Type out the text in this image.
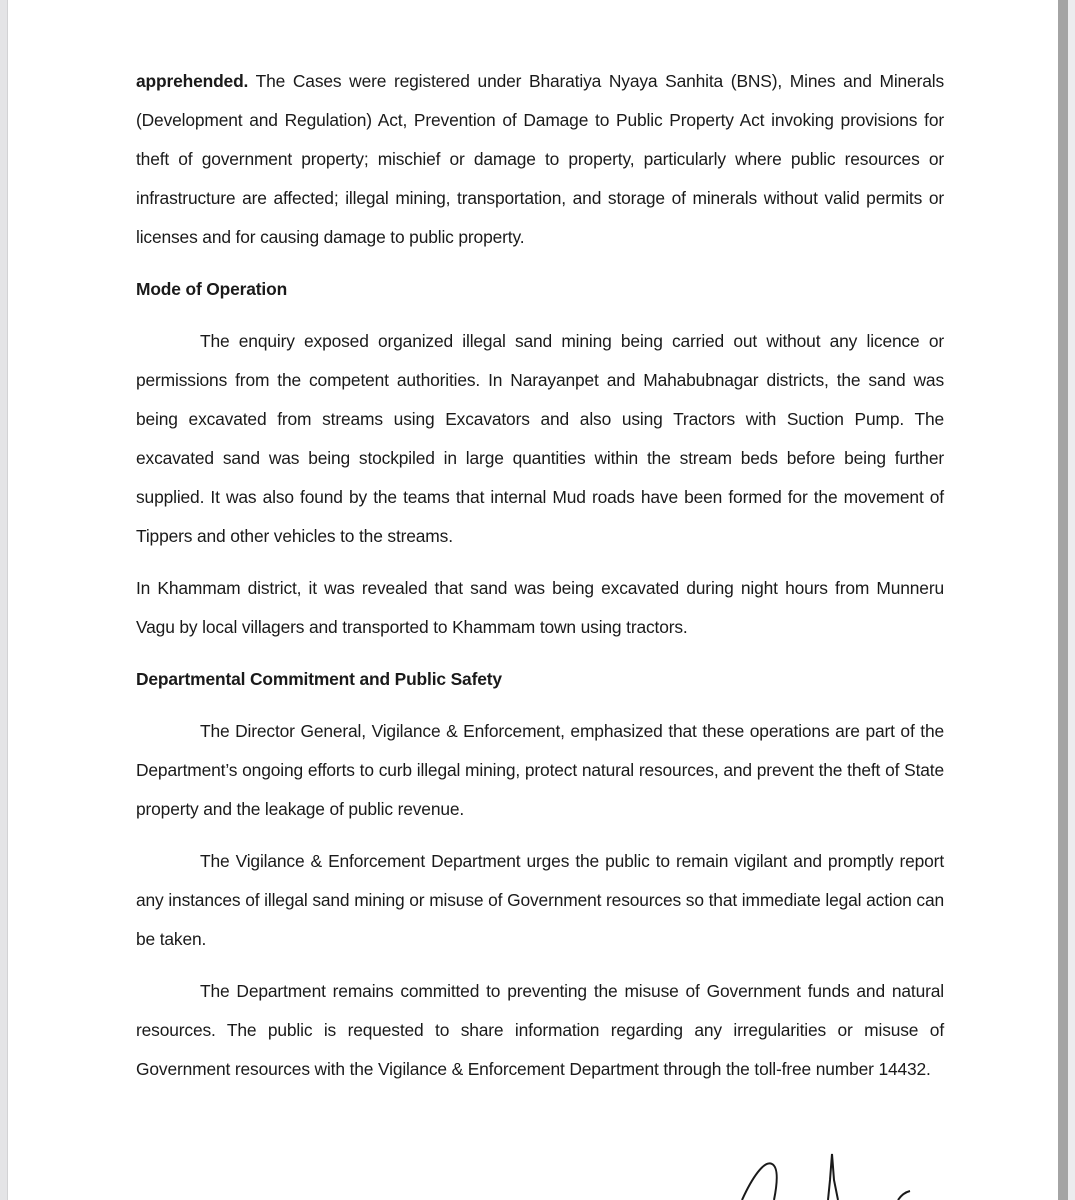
apprehended. The Cases were registered under Bharatiya Nyaya Sanhita (BNS), Mines and Minerals (Development and Regulation) Act, Prevention of Damage to Public Property Act invoking provisions for theft of government property; mischief or damage to property, particularly where public resources or infrastructure are affected; illegal mining, transportation, and storage of minerals without valid permits or licenses and for causing damage to public property.

Mode of Operation

The enquiry exposed organized illegal sand mining being carried out without any licence or permissions from the competent authorities. In Narayanpet and Mahabubnagar districts, the sand was being excavated from streams using Excavators and also using Tractors with Suction Pump. The excavated sand was being stockpiled in large quantities within the stream beds before being further supplied. It was also found by the teams that internal Mud roads have been formed for the movement of Tippers and other vehicles to the streams.

In Khammam district, it was revealed that sand was being excavated during night hours from Munneru Vagu by local villagers and transported to Khammam town using tractors.

Departmental Commitment and Public Safety

The Director General, Vigilance & Enforcement, emphasized that these operations are part of the Department’s ongoing efforts to curb illegal mining, protect natural resources, and prevent the theft of State property and the leakage of public revenue.

The Vigilance & Enforcement Department urges the public to remain vigilant and promptly report any instances of illegal sand mining or misuse of Government resources so that immediate legal action can be taken.

The Department remains committed to preventing the misuse of Government funds and natural resources. The public is requested to share information regarding any irregularities or misuse of Government resources with the Vigilance & Enforcement Department through the toll-free number 14432.
